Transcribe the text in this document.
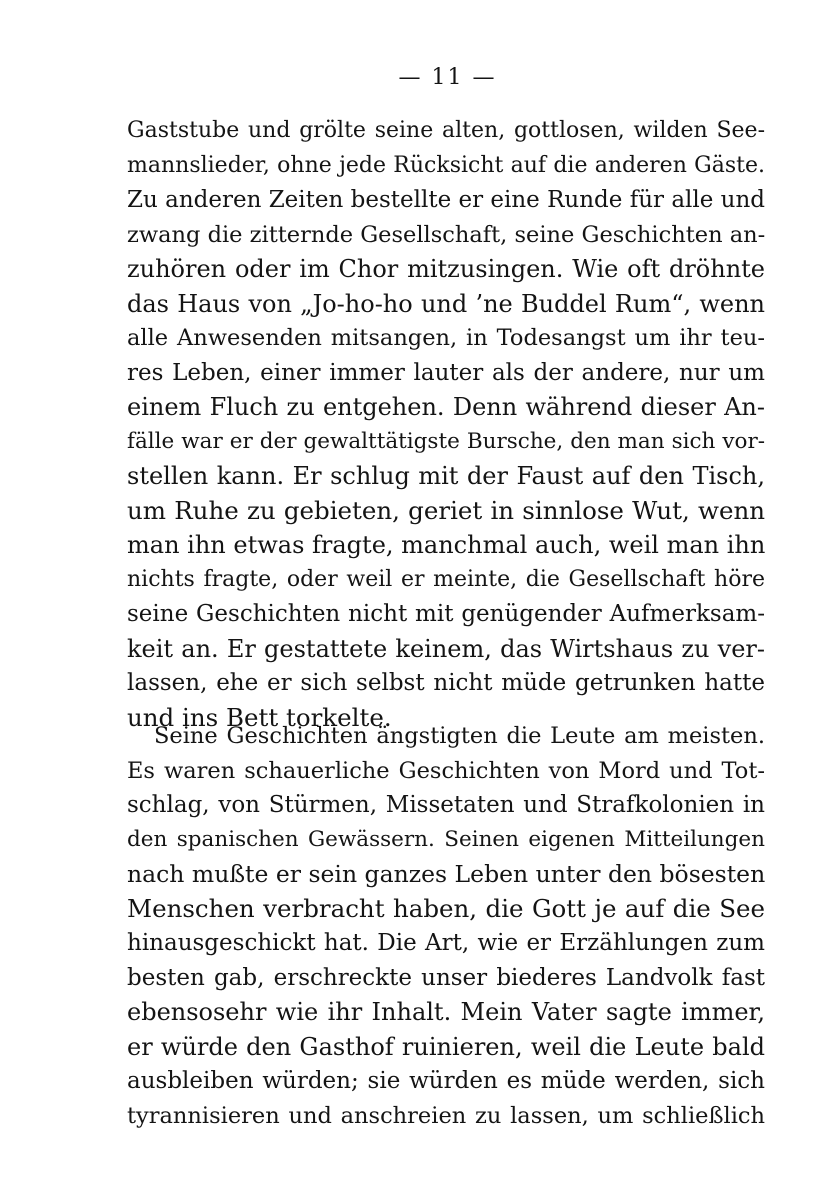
— 11 —
Gaststube und grölte seine alten, gottlosen, wilden See-
mannslieder, ohne jede Rücksicht auf die anderen Gäste.
Zu anderen Zeiten bestellte er eine Runde für alle und
zwang die zitternde Gesellschaft, seine Geschichten an-
zuhören oder im Chor mitzusingen. Wie oft dröhnte
das Haus von „Jo-ho-ho und ’ne Buddel Rum“, wenn
alle Anwesenden mitsangen, in Todesangst um ihr teu-
res Leben, einer immer lauter als der andere, nur um
einem Fluch zu entgehen. Denn während dieser An-
fälle war er der gewalttätigste Bursche, den man sich vor-
stellen kann. Er schlug mit der Faust auf den Tisch,
um Ruhe zu gebieten, geriet in sinnlose Wut, wenn
man ihn etwas fragte, manchmal auch, weil man ihn
nichts fragte, oder weil er meinte, die Gesellschaft höre
seine Geschichten nicht mit genügender Aufmerksam-
keit an. Er gestattete keinem, das Wirtshaus zu ver-
lassen, ehe er sich selbst nicht müde getrunken hatte
und ins Bett torkelte.
Seine Geschichten ängstigten die Leute am meisten.
Es waren schauerliche Geschichten von Mord und Tot-
schlag, von Stürmen, Missetaten und Strafkolonien in
den spanischen Gewässern. Seinen eigenen Mitteilungen
nach mußte er sein ganzes Leben unter den bösesten
Menschen verbracht haben, die Gott je auf die See
hinausgeschickt hat. Die Art, wie er Erzählungen zum
besten gab, erschreckte unser biederes Landvolk fast
ebensosehr wie ihr Inhalt. Mein Vater sagte immer,
er würde den Gasthof ruinieren, weil die Leute bald
ausbleiben würden; sie würden es müde werden, sich
tyrannisieren und anschreien zu lassen, um schließlich
